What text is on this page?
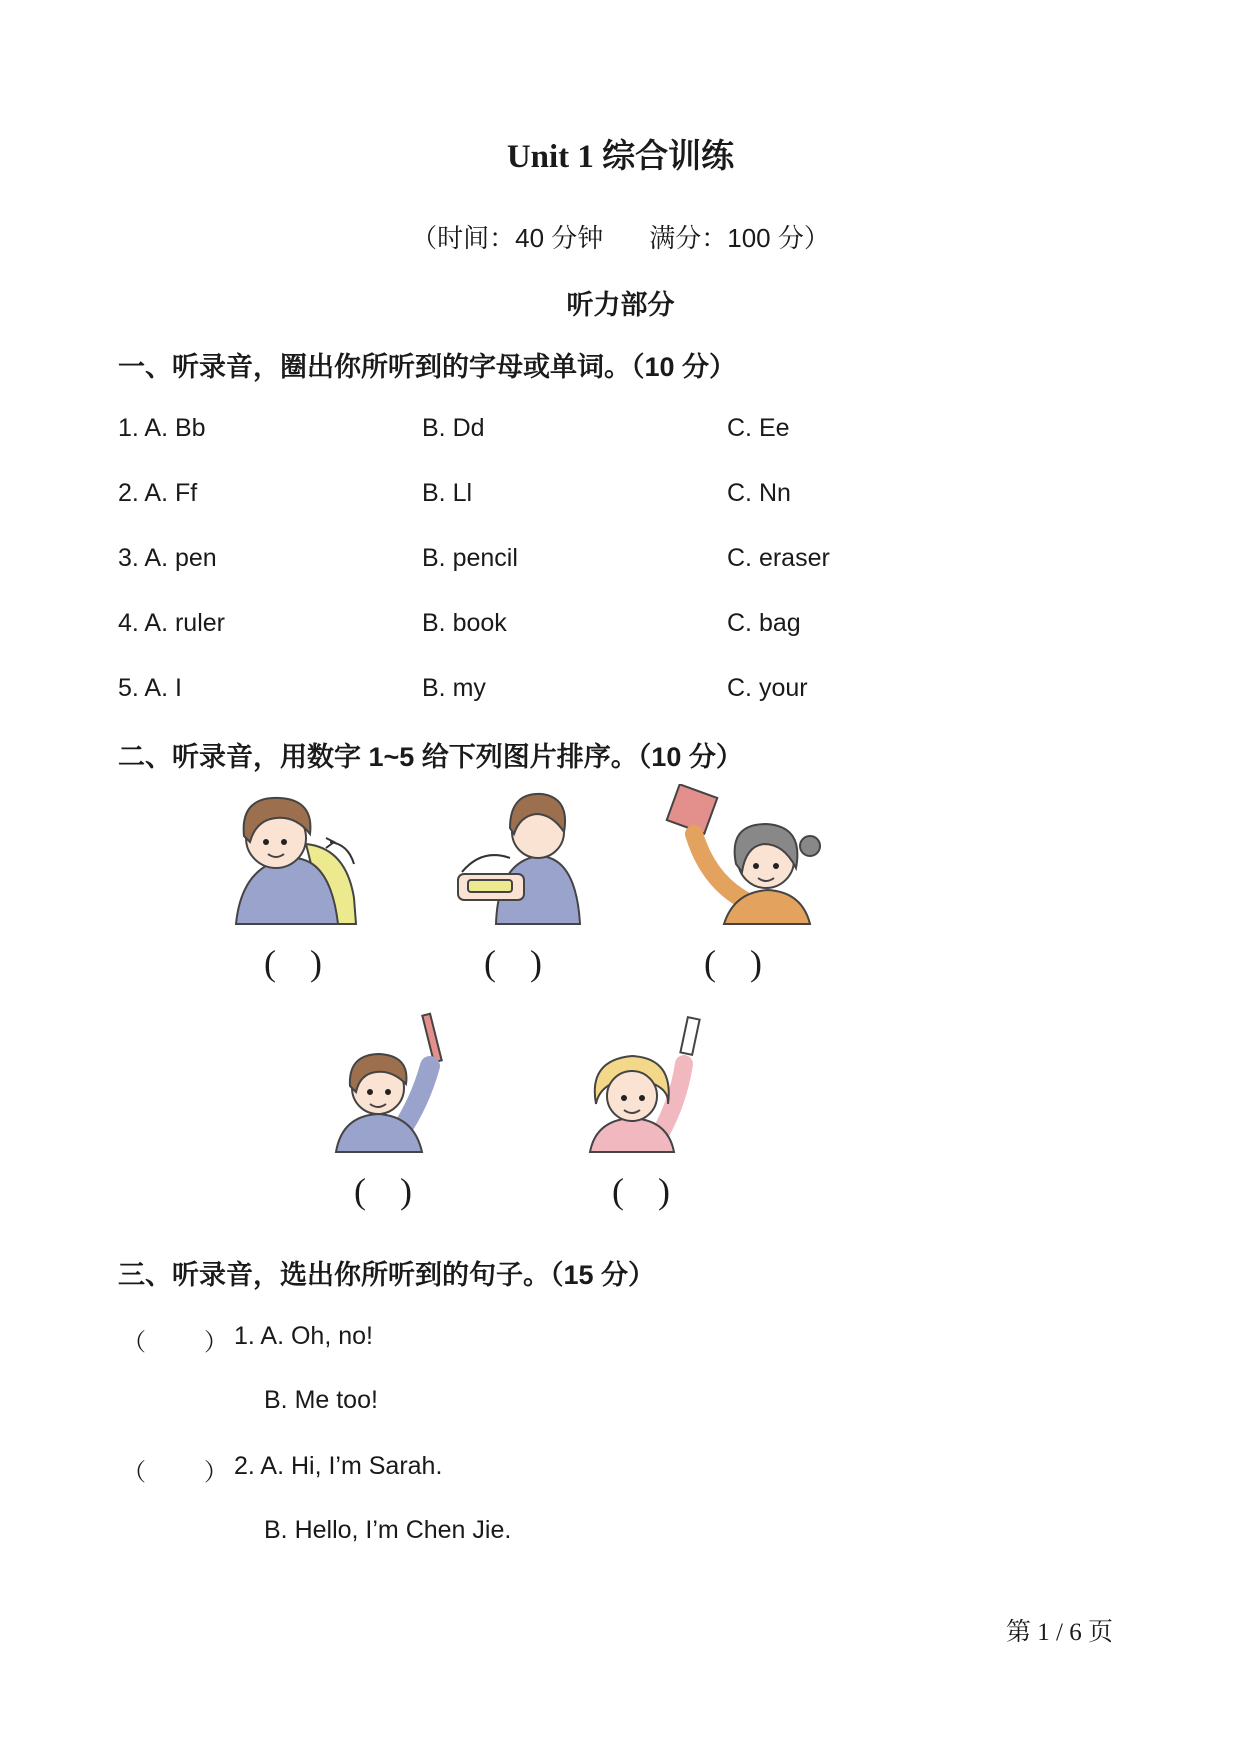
Unit 1 综合训练
（时间：40 分钟 满分：100 分）
听力部分
一、听录音，圈出你所听到的字母或单词。（10 分）
1. A. Bb	B. Dd	C. Ee
2. A. Ff	B. Ll	C. Nn
3. A. pen	B. pencil	C. eraser
4. A. ruler	B. book	C. bag
5. A. I	B. my	C. your
二、听录音，用数字 1~5 给下列图片排序。（10 分）
( )	( )	( )
( )	( )
三、听录音，选出你所听到的句子。（15 分）
（ ） 1. A. Oh, no!
B. Me too!
（ ） 2. A. Hi, I’m Sarah.
B. Hello, I’m Chen Jie.
第 1 / 6 页
